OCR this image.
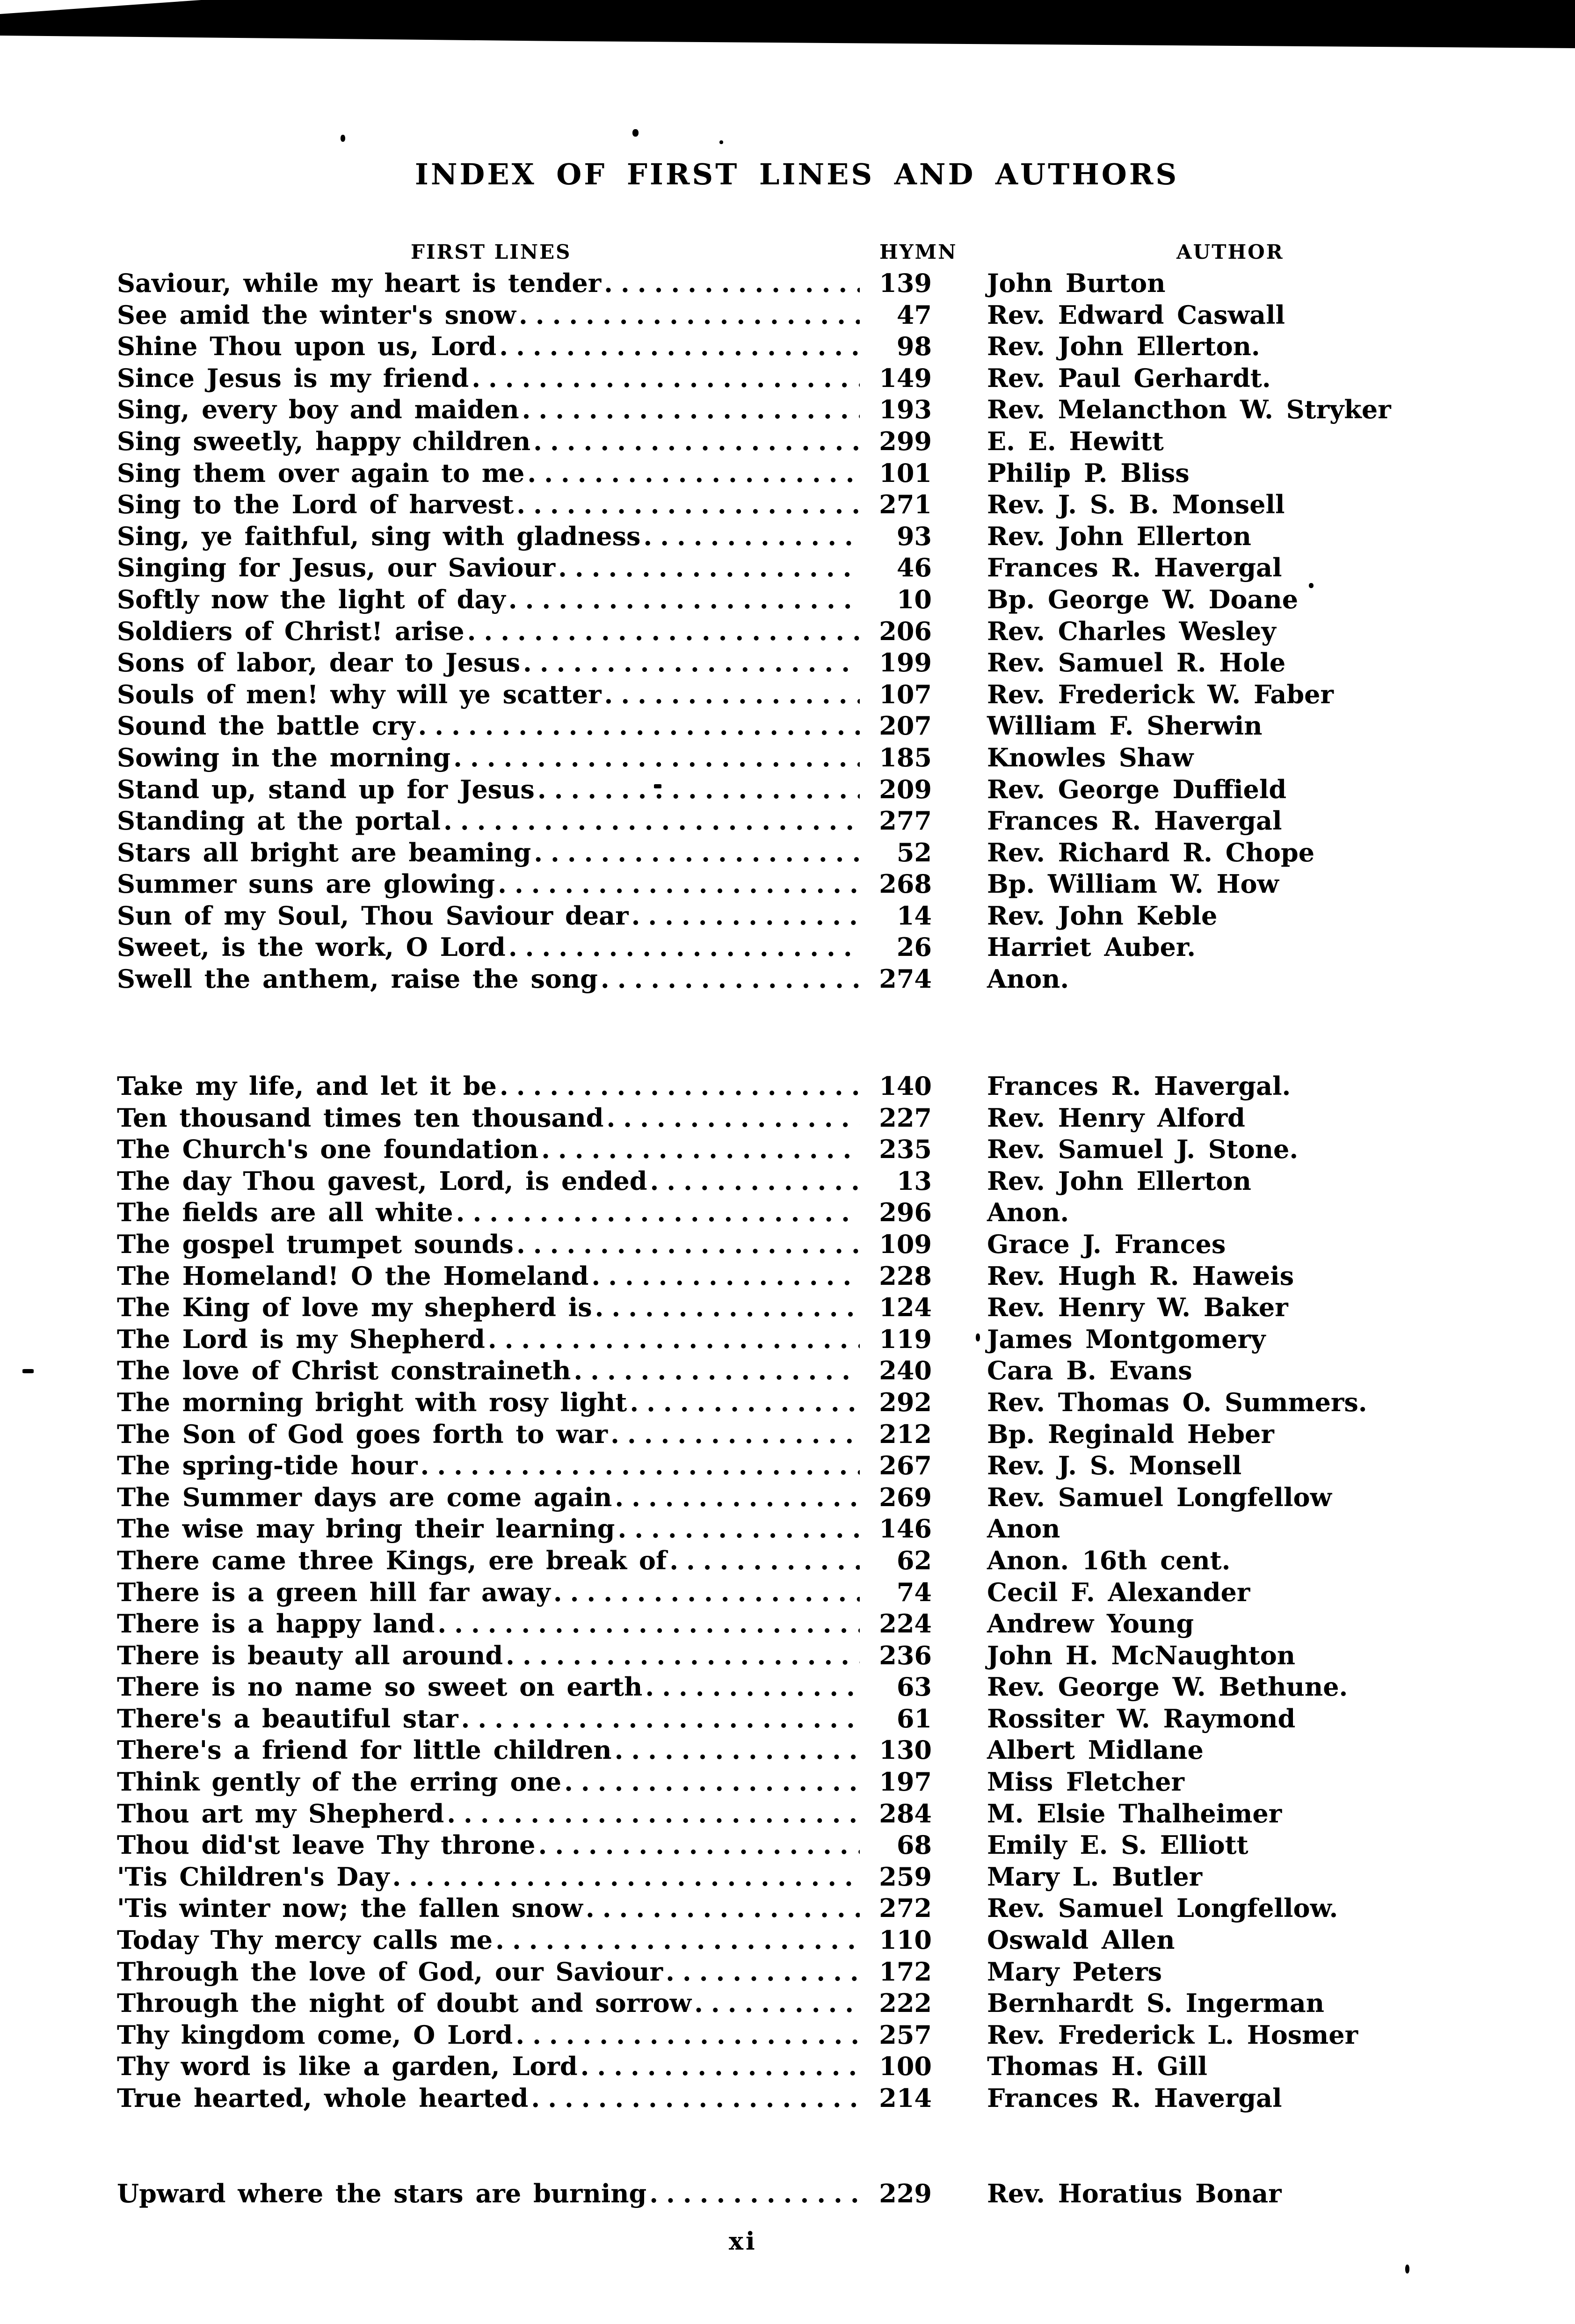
INDEX OF FIRST LINES AND AUTHORS
FIRST LINES	HYMN	AUTHOR
Saviour, while my heart is tender .....	139 John Burton
See amid the winter's snow .....	47 Rev. Edward Caswall
Shine Thou upon us, Lord .....	98 Rev. John Ellerton.
Since Jesus is my friend .....	149 Rev. Paul Gerhardt.
Sing, every boy and maiden .....	193 Rev. Melancthon W. Stryker
Sing sweetly, happy children .....	299 E. E. Hewitt
Sing them over again to me .....	101 Philip P. Bliss
Sing to the Lord of harvest .....	271 Rev. J. S. B. Monsell
Sing, ye faithful, sing with gladness .....	93 Rev. John Ellerton
Singing for Jesus, our Saviour .....	46 Frances R. Havergal
Softly now the light of day .....	10 Bp. George W. Doane
Soldiers of Christ! arise .....	206 Rev. Charles Wesley
Sons of labor, dear to Jesus .....	199 Rev. Samuel R. Hole
Souls of men! why will ye scatter .....	107 Rev. Frederick W. Faber
Sound the battle cry .....	207 William F. Sherwin
Sowing in the morning .....	185 Knowles Shaw
Stand up, stand up for Jesus .....	209 Rev. George Duffield
Standing at the portal .....	277 Frances R. Havergal
Stars all bright are beaming .....	52 Rev. Richard R. Chope
Summer suns are glowing .....	268 Bp. William W. How
Sun of my Soul, Thou Saviour dear .....	14 Rev. John Keble
Sweet, is the work, O Lord .....	26 Harriet Auber.
Swell the anthem, raise the song .....	274 Anon.
Take my life, and let it be .....	140 Frances R. Havergal.
Ten thousand times ten thousand .....	227 Rev. Henry Alford
The Church's one foundation .....	235 Rev. Samuel J. Stone.
The day Thou gavest, Lord, is ended .....	13 Rev. John Ellerton
The fields are all white .....	296 Anon.
The gospel trumpet sounds .....	109 Grace J. Frances
The Homeland! O the Homeland .....	228 Rev. Hugh R. Haweis
The King of love my shepherd is .....	124 Rev. Henry W. Baker
The Lord is my Shepherd .....	119 James Montgomery
The love of Christ constraineth .....	240 Cara B. Evans
The morning bright with rosy light .....	292 Rev. Thomas O. Summers.
The Son of God goes forth to war .....	212 Bp. Reginald Heber
The spring-tide hour .....	267 Rev. J. S. Monsell
The Summer days are come again .....	269 Rev. Samuel Longfellow
The wise may bring their learning .....	146 Anon
There came three Kings, ere break of .....	62 Anon. 16th cent.
There is a green hill far away .....	74 Cecil F. Alexander
There is a happy land .....	224 Andrew Young
There is beauty all around .....	236 John H. McNaughton
There is no name so sweet on earth .....	63 Rev. George W. Bethune.
There's a beautiful star .....	61 Rossiter W. Raymond
There's a friend for little children .....	130 Albert Midlane
Think gently of the erring one .....	197 Miss Fletcher
Thou art my Shepherd .....	284 M. Elsie Thalheimer
Thou did'st leave Thy throne .....	68 Emily E. S. Elliott
'Tis Children's Day .....	259 Mary L. Butler
'Tis winter now; the fallen snow .....	272 Rev. Samuel Longfellow.
Today Thy mercy calls me .....	110 Oswald Allen
Through the love of God, our Saviour .....	172 Mary Peters
Through the night of doubt and sorrow .....	222 Bernhardt S. Ingerman
Thy kingdom come, O Lord .....	257 Rev. Frederick L. Hosmer
Thy word is like a garden, Lord .....	100 Thomas H. Gill
True hearted, whole hearted .....	214 Frances R. Havergal
Upward where the stars are burning .....	229 Rev. Horatius Bonar
xi
